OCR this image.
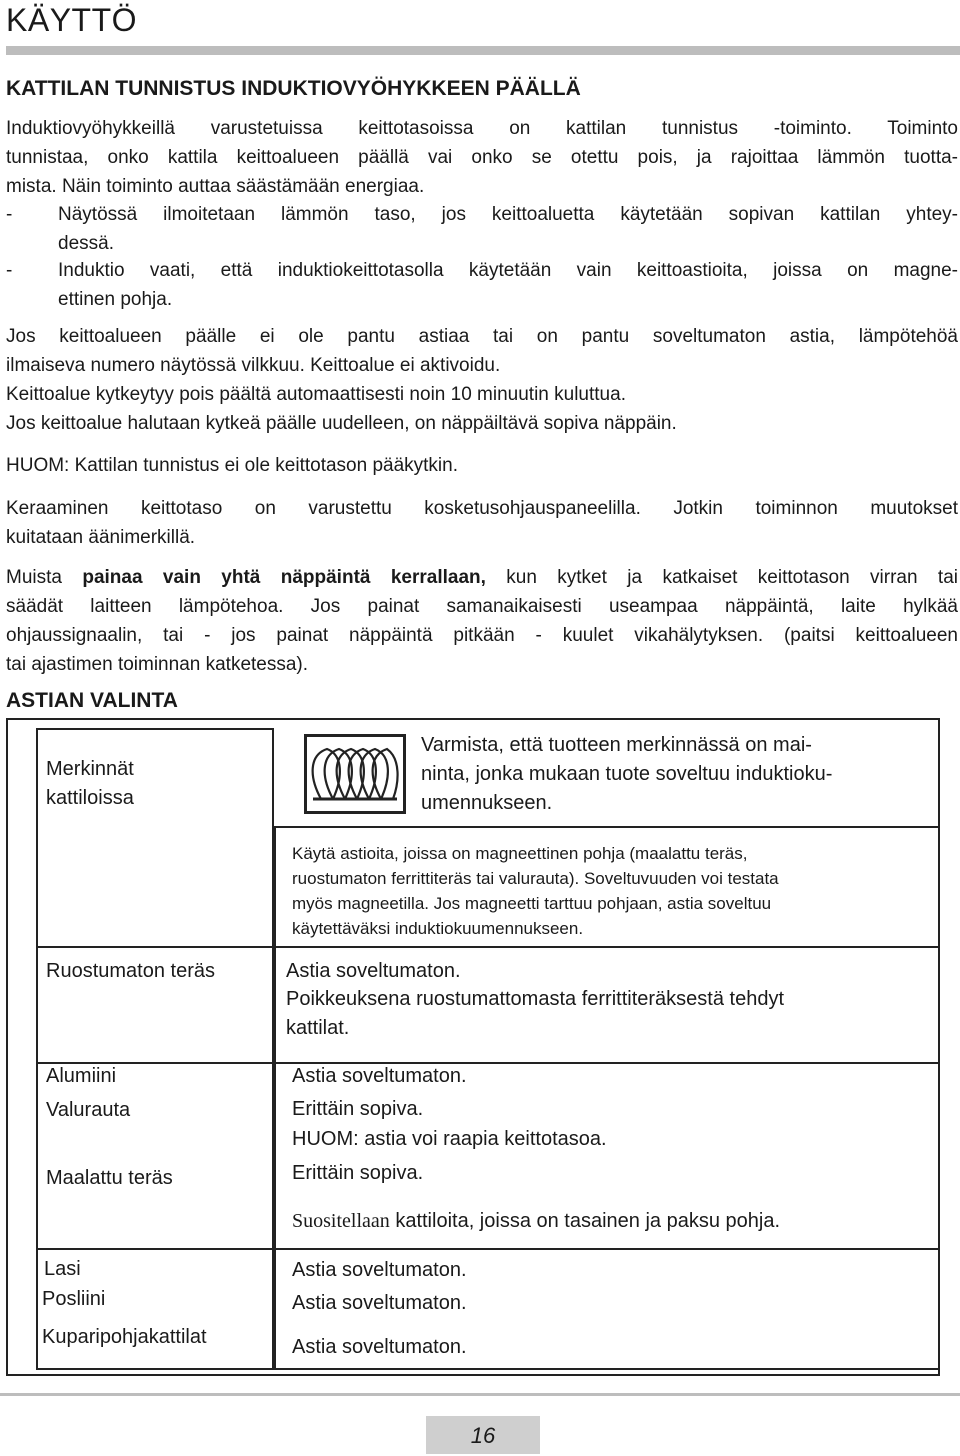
KÄYTTÖ
KATTILAN TUNNISTUS INDUKTIOVYÖHYKKEEN PÄÄLLÄ
Induktiovyöhykkeillä varustetuissa keittotasoissa on kattilan tunnistus -toiminto. Toiminto
tunnistaa, onko kattila keittoalueen päällä vai onko se otettu pois, ja rajoittaa lämmön tuotta-
mista. Näin toiminto auttaa säästämään energiaa.
- Näytössä ilmoitetaan lämmön taso, jos keittoaluetta käytetään sopivan kattilan yhtey-
dessä.
- Induktio vaati, että induktiokeittotasolla käytetään vain keittoastioita, joissa on magne-
ettinen pohja.
Jos keittoalueen päälle ei ole pantu astiaa tai on pantu soveltumaton astia, lämpötehöä
ilmaiseva numero näytössä vilkkuu. Keittoalue ei aktivoidu.
Keittoalue kytkeytyy pois päältä automaattisesti noin 10 minuutin kuluttua.
Jos keittoalue halutaan kytkeä päälle uudelleen, on näppäiltävä sopiva näppäin.
HUOM: Kattilan tunnistus ei ole keittotason pääkytkin.
Keraaminen keittotaso on varustettu kosketusohjauspaneelilla. Jotkin toiminnon muutokset
kuitataan äänimerkillä.
Muista painaa vain yhtä näppäintä kerrallaan, kun kytket ja katkaiset keittotason virran tai
säädät laitteen lämpötehoa. Jos painat samanaikaisesti useampaa näppäintä, laite hylkää
ohjaussignaalin, tai - jos painat näppäintä pitkään - kuulet vikahälytyksen. (paitsi keittoalueen
tai ajastimen toiminnan katketessa).
ASTIAN VALINTA
Merkinnät
kattiloissa
Ruostumaton teräs
Alumiini
Valurauta
Maalattu teräs
Lasi
Posliini
Kuparipohjakattilat
Käytä astioita, joissa on magneettinen pohja (maalattu teräs,
ruostumaton ferrittiteräs tai valurauta). Soveltuvuuden voi testata
myös magneetilla. Jos magneetti tarttuu pohjaan, astia soveltuu
käytettäväksi induktiokuumennukseen.
Astia soveltumaton.
Poikkeuksena ruostumattomasta ferrittiteräksestä tehdyt
kattilat.
Astia soveltumaton.
Erittäin sopiva.
HUOM: astia voi raapia keittotasoa.
Erittäin sopiva.
Suositellaan kattiloita, joissa on tasainen ja paksu pohja.
Astia soveltumaton.
Astia soveltumaton.
Astia soveltumaton.
Varmista, että tuotteen merkinnässä on mai-
ninta, jonka mukaan tuote soveltuu induktioku-
umennukseen.
16
